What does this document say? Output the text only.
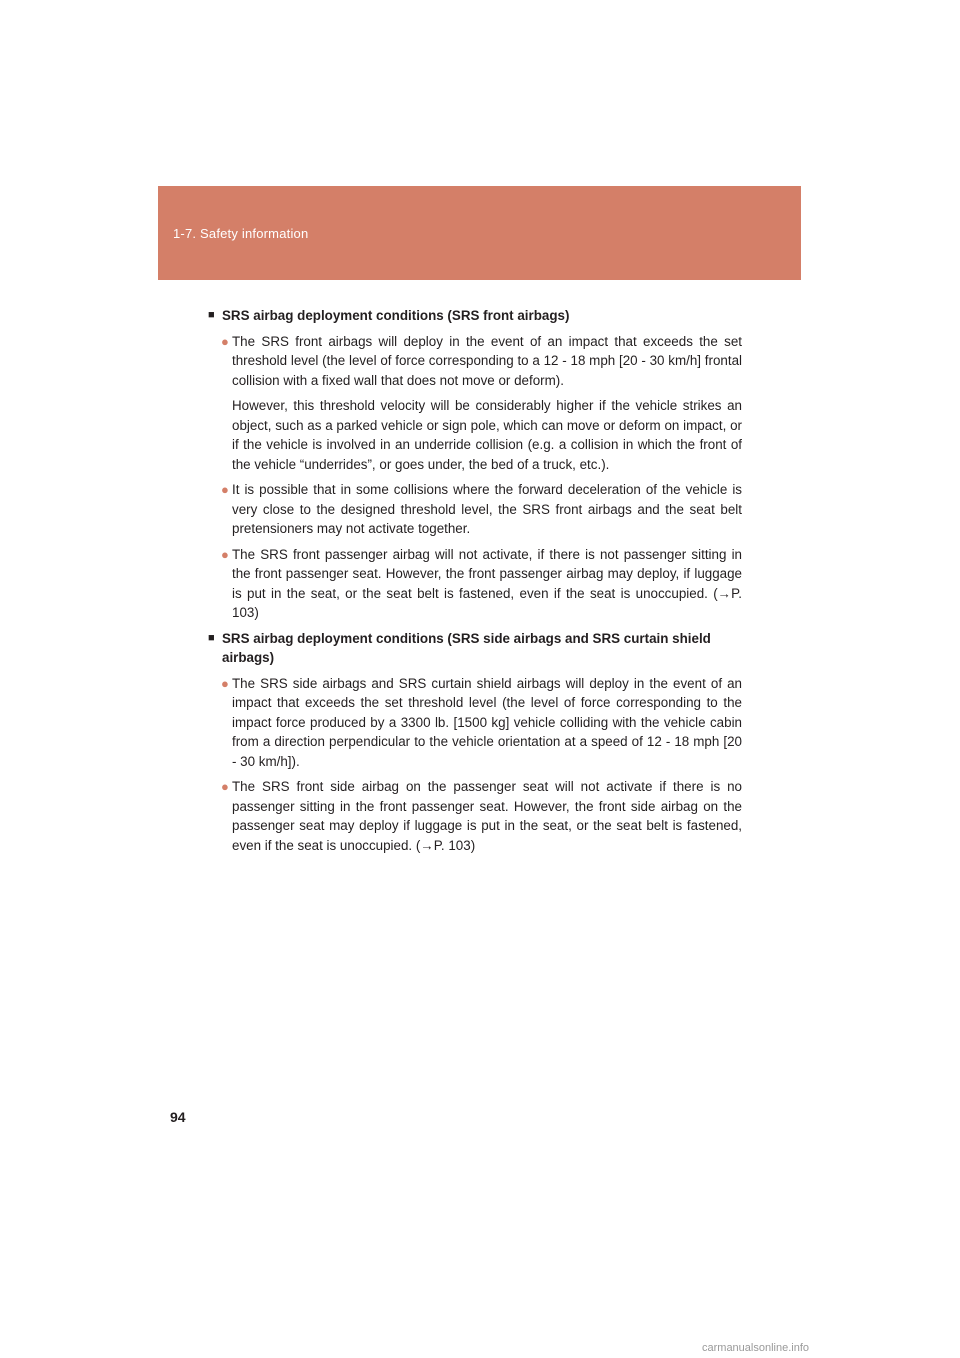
1-7. Safety information
■ SRS airbag deployment conditions (SRS front airbags)
● The SRS front airbags will deploy in the event of an impact that exceeds the set threshold level (the level of force corresponding to a 12 - 18 mph [20 - 30 km/h] frontal collision with a fixed wall that does not move or deform).
However, this threshold velocity will be considerably higher if the vehicle strikes an object, such as a parked vehicle or sign pole, which can move or deform on impact, or if the vehicle is involved in an underride collision (e.g. a collision in which the front of the vehicle “underrides”, or goes under, the bed of a truck, etc.).
● It is possible that in some collisions where the forward deceleration of the vehicle is very close to the designed threshold level, the SRS front airbags and the seat belt pretensioners may not activate together.
● The SRS front passenger airbag will not activate, if there is not passenger sitting in the front passenger seat. However, the front passenger airbag may deploy, if luggage is put in the seat, or the seat belt is fastened, even if the seat is unoccupied. (→P. 103)
■ SRS airbag deployment conditions (SRS side airbags and SRS curtain shield airbags)
● The SRS side airbags and SRS curtain shield airbags will deploy in the event of an impact that exceeds the set threshold level (the level of force corresponding to the impact force produced by a 3300 lb. [1500 kg] vehicle colliding with the vehicle cabin from a direction perpendicular to the vehicle orientation at a speed of 12 - 18 mph [20 - 30 km/h]).
● The SRS front side airbag on the passenger seat will not activate if there is no passenger sitting in the front passenger seat. However, the front side airbag on the passenger seat may deploy if luggage is put in the seat, or the seat belt is fastened, even if the seat is unoccupied. (→P. 103)
94
carmanualsonline.info
